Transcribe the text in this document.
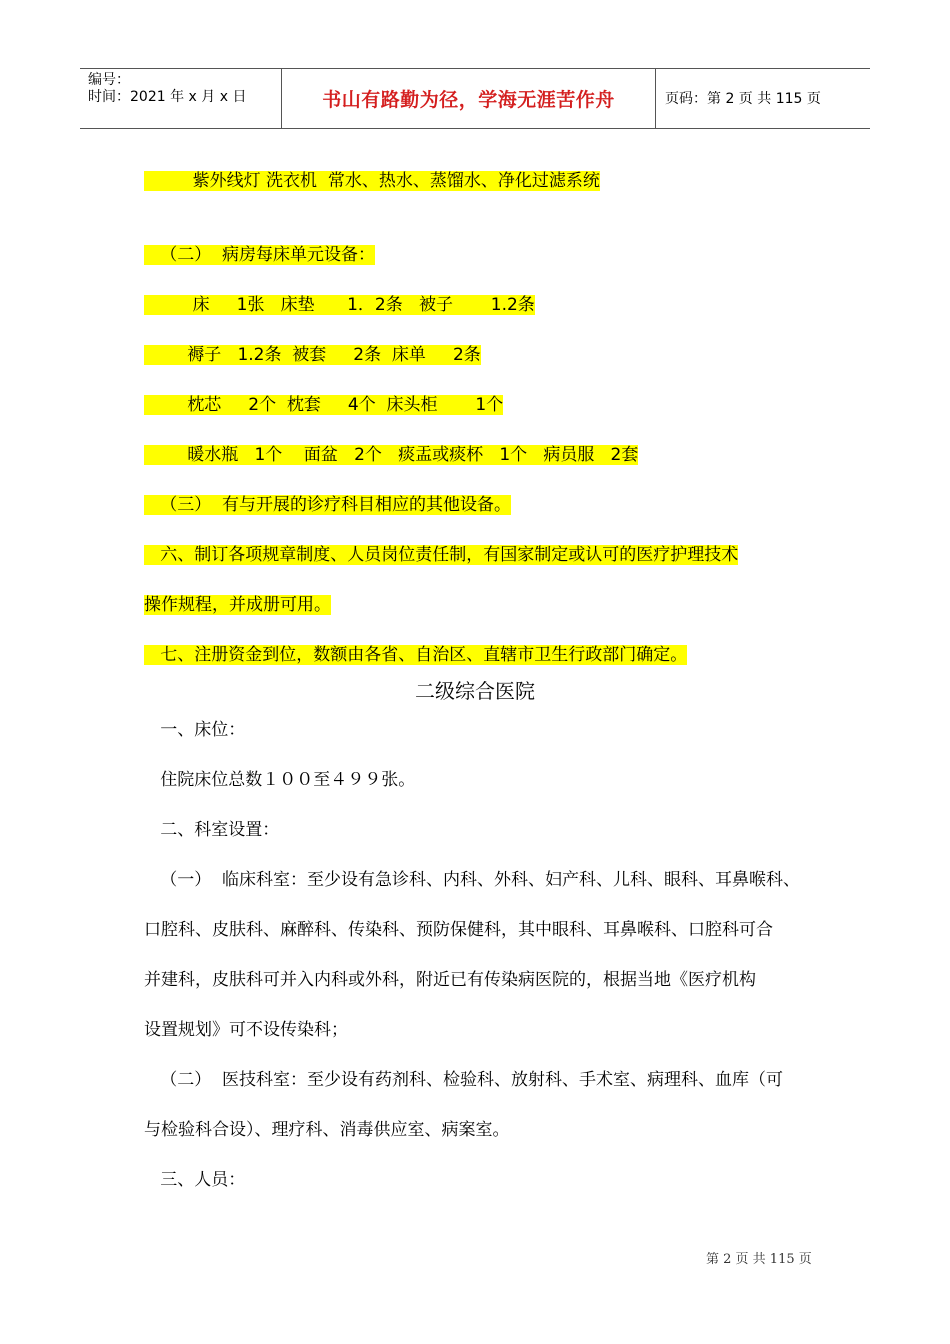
编号：
时间：2021 年 x 月 x 日	书山有路勤为径，学海无涯苦作舟	页码：第 2 页 共 115 页
紫外线灯 洗衣机  常水、热水、蒸馏水、净化过滤系统
（二）  病房每床单元设备：
床     1张   床垫      1．2条   被子       1.2条
褥子   1.2条  被套     2条  床单     2条
枕芯     2个  枕套     4个  床头柜       1个
暖水瓶   1个    面盆   2个   痰盂或痰杯   1个   病员服   2套
（三）  有与开展的诊疗科目相应的其他设备。
六、制订各项规章制度、人员岗位责任制，有国家制定或认可的医疗护理技术
操作规程，并成册可用。
七、注册资金到位，数额由各省、自治区、直辖市卫生行政部门确定。
二级综合医院
一、床位：
住院床位总数１００至４９９张。
二、科室设置：
（一）  临床科室：至少设有急诊科、内科、外科、妇产科、儿科、眼科、耳鼻喉科、
口腔科、皮肤科、麻醉科、传染科、预防保健科，其中眼科、耳鼻喉科、口腔科可合
并建科，皮肤科可并入内科或外科，附近已有传染病医院的，根据当地《医疗机构
设置规划》可不设传染科；
（二）  医技科室：至少设有药剂科、检验科、放射科、手术室、病理科、血库（可
与检验科合设）、理疗科、消毒供应室、病案室。
三、人员：
第 2 页 共 115 页
